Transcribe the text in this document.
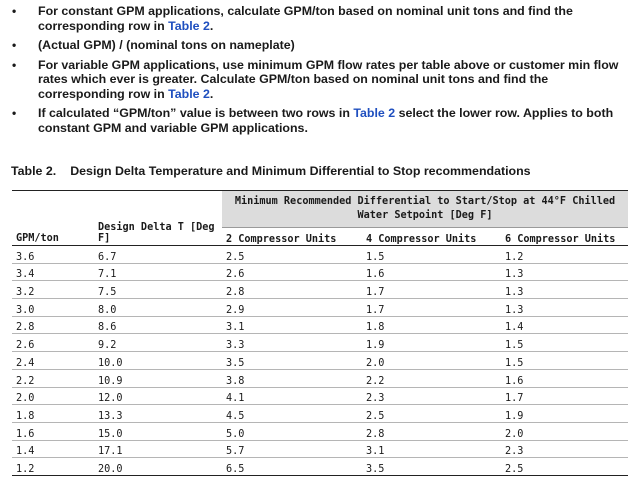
• For constant GPM applications, calculate GPM/ton based on nominal unit tons and find the corresponding row in Table 2.
• (Actual GPM) / (nominal tons on nameplate)
• For variable GPM applications, use minimum GPM flow rates per table above or customer min flow rates which ever is greater. Calculate GPM/ton based on nominal unit tons and find the corresponding row in Table 2.
• If calculated “GPM/ton” value is between two rows in Table 2 select the lower row. Applies to both constant GPM and variable GPM applications.
Table 2. Design Delta Temperature and Minimum Differential to Stop recommendations
GPM/ton	Design Delta T [Deg F]	Minimum Recommended Differential to Start/Stop at 44°F Chilled Water Setpoint [Deg F]		
		2 Compressor Units	4 Compressor Units	6 Compressor Units
3.6	6.7	2.5	1.5	1.2
3.4	7.1	2.6	1.6	1.3
3.2	7.5	2.8	1.7	1.3
3.0	8.0	2.9	1.7	1.3
2.8	8.6	3.1	1.8	1.4
2.6	9.2	3.3	1.9	1.5
2.4	10.0	3.5	2.0	1.5
2.2	10.9	3.8	2.2	1.6
2.0	12.0	4.1	2.3	1.7
1.8	13.3	4.5	2.5	1.9
1.6	15.0	5.0	2.8	2.0
1.4	17.1	5.7	3.1	2.3
1.2	20.0	6.5	3.5	2.5
